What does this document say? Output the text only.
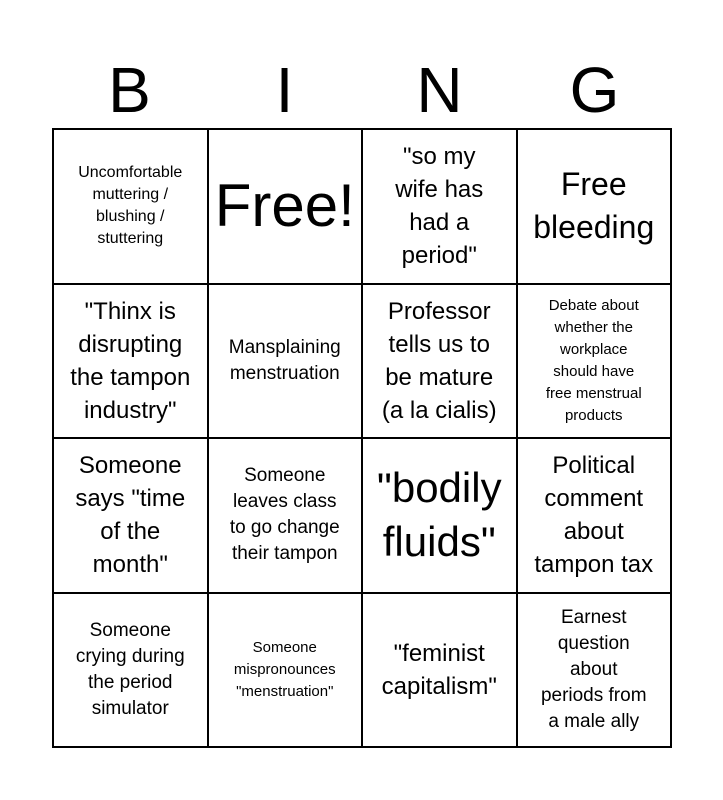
B	I	N	G
Uncomfortable
muttering /
blushing /
stuttering Free!
"so my
wife has
had a
period"
Free
bleeding
"Thinx is
disrupting
the tampon
industry"
Mansplaining
menstruation
Professor
tells us to
be mature
(a la cialis)
Debate about
whether the
workplace
should have
free menstrual
products
Someone
says "time
of the
month"
Someone
leaves class
to go change
their tampon
"bodily
fluids"
Political
comment
about
tampon tax
Someone
crying during
the period
simulator
Someone
mispronounces
"menstruation"
"feminist
capitalism"
Earnest
question
about
periods from
a male ally
